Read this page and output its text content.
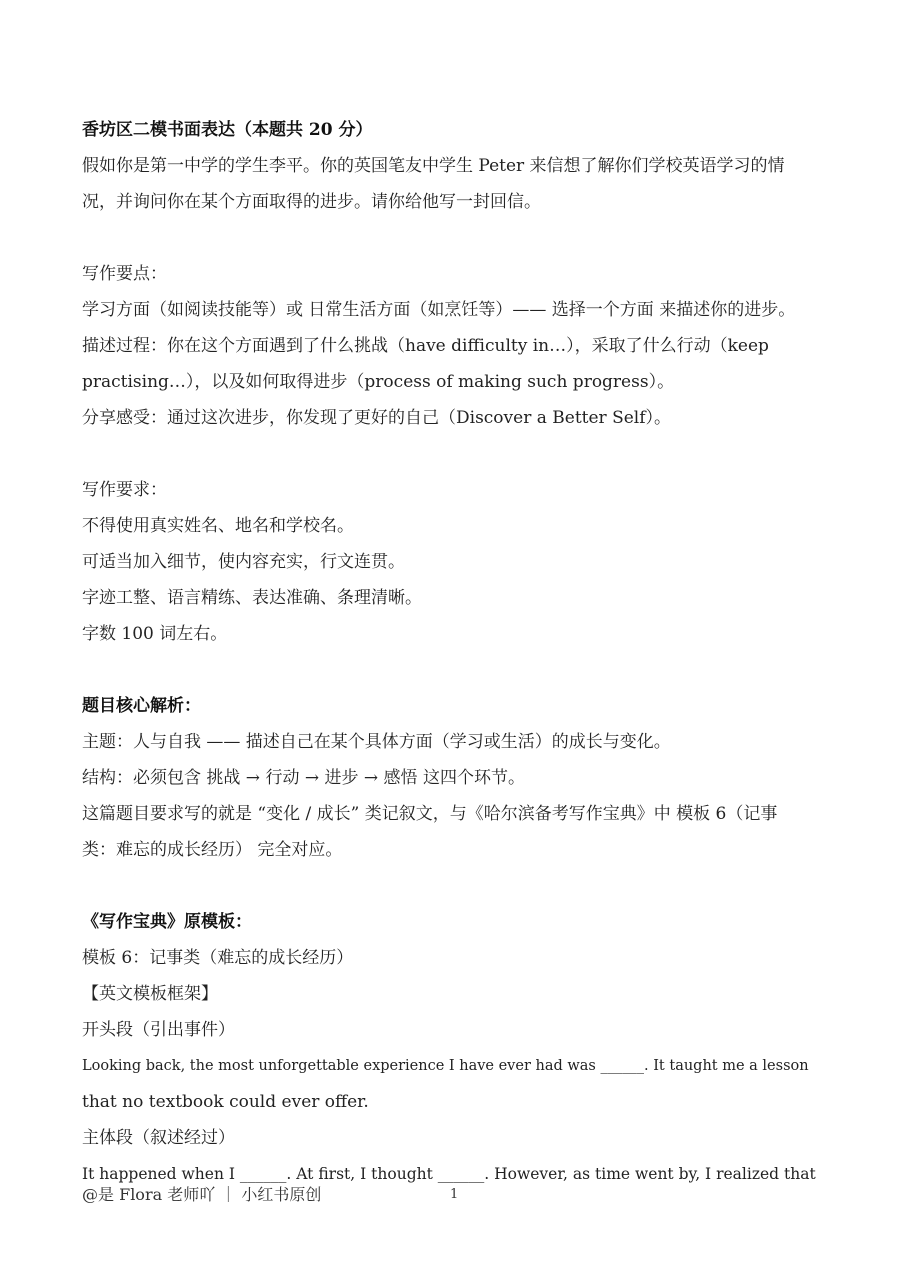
香坊区二模书面表达（本题共 20 分）

假如你是第一中学的学生李平。你的英国笔友中学生 Peter 来信想了解你们学校英语学习的情

况，并询问你在某个方面取得的进步。请你给他写一封回信。

写作要点：

学习方面（如阅读技能等）或 日常生活方面（如烹饪等）—— 选择一个方面 来描述你的进步。

描述过程：你在这个方面遇到了什么挑战（have difficulty in…），采取了什么行动（keep

practising…），以及如何取得进步（process of making such progress）。

分享感受：通过这次进步，你发现了更好的自己（Discover a Better Self）。

写作要求：

不得使用真实姓名、地名和学校名。

可适当加入细节，使内容充实，行文连贯。

字迹工整、语言精练、表达准确、条理清晰。

字数 100 词左右。

题目核心解析：

主题：人与自我 —— 描述自己在某个具体方面（学习或生活）的成长与变化。

结构：必须包含 挑战 → 行动 → 进步 → 感悟 这四个环节。

这篇题目要求写的就是 “变化 / 成长” 类记叙文，与《哈尔滨备考写作宝典》中 模板 6（记事

类：难忘的成长经历） 完全对应。

《写作宝典》原模板：

模板 6：记事类（难忘的成长经历）

【英文模板框架】

开头段（引出事件）

Looking back, the most unforgettable experience I have ever had was ______. It taught me a lesson

that no textbook could ever offer.

主体段（叙述经过）

It happened when I ______. At first, I thought ______. However, as time went by, I realized that

@是 Flora 老师吖 ｜ 小红书原创	1
